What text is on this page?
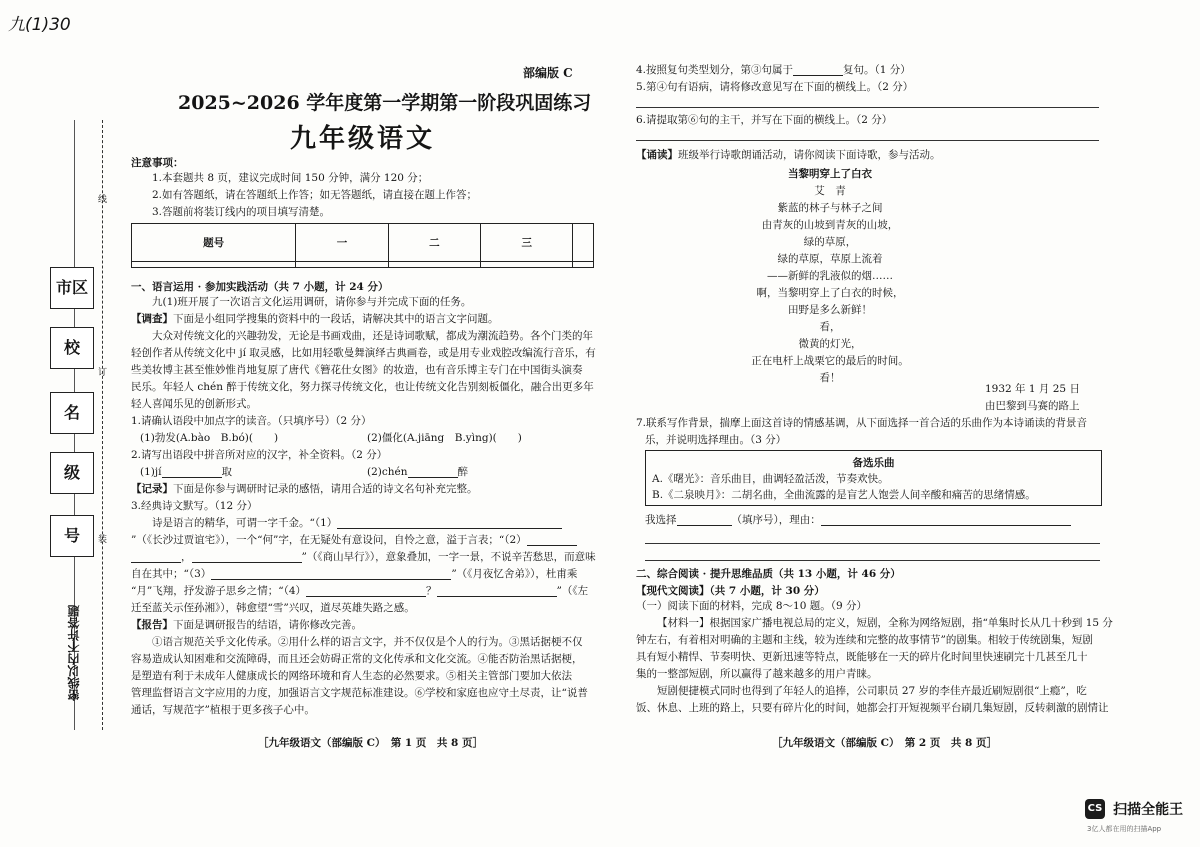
九(1)30
市区
校
名
级
号
线
订
装
密线以内不许答题
部编版 C
2025~2026 学年度第一学期第一阶段巩固练习
九年级语文
注意事项：
1.本套题共 8 页，建议完成时间 150 分钟，满分 120 分；
2.如有答题纸，请在答题纸上作答；如无答题纸，请直接在题上作答；
3.答题前将装订线内的项目填写清楚。
题号	一	二	三	

一、语言运用 · 参加实践活动（共 7 小题，计 24 分）
九(1)班开展了一次语言文化运用调研，请你参与并完成下面的任务。
【调查】下面是小组同学搜集的资料中的一段话，请解决其中的语言文字问题。
大众对传统文化的兴趣勃发，无论是书画戏曲，还是诗词歌赋，都成为潮流趋势。各个门类的年
轻创作者从传统文化中 jí 取灵感，比如用轻歌曼舞演绎古典画卷，或是用专业戏腔改编流行音乐，有
些美妆博主甚至惟妙惟肖地复原了唐代《簪花仕女图》的妆造，也有音乐博主专门在中国街头演奏
民乐。年轻人 chén 醉于传统文化，努力探寻传统文化，也让传统文化告别刻板僵化，融合出更多年
轻人喜闻乐见的创新形式。
1.请确认语段中加点字的读音。（只填序号）（2 分）
(1)勃发(A.bào　B.bó)(　　)	(2)僵化(A.jiāng　B.yìng)(　　)
2.请写出语段中拼音所对应的汉字，补全资料。（2 分）
(1)jí	取	(2)chén	醉
【记录】下面是你参与调研时记录的感悟，请用合适的诗文名句补充完整。
3.经典诗文默写。（12 分）
诗是语言的精华，可谓一字千金。“（1）
”（《长沙过贾谊宅》），一个“何”字，在无疑处有意设问，自怜之意，溢于言表；“（2）
，	”（《商山早行》），意象叠加，一字一景，不说辛苦愁思，而意味
自在其中；“（3）	”（《月夜忆舍弟》），杜甫乘
“月”飞翔，抒发游子思乡之情；“（4）	？	”（《左
迁至蓝关示侄孙湘》），韩愈望“雪”兴叹，道尽英雄失路之感。
【报告】下面是调研报告的结语，请你修改完善。
①语言规范关乎文化传承。②用什么样的语言文字，并不仅仅是个人的行为。③黑话据梗不仅
容易造成认知困难和交流障碍，而且还会妨碍正常的文化传承和文化交流。④能否防治黑话据梗，
是塑造有利于未成年人健康成长的网络环境和育人生态的必然要求。⑤相关主管部门要加大依法
管理监督语言文字应用的力度，加强语言文字规范标准建设。⑥学校和家庭也应守土尽责，让“说普
通话，写规范字”植根于更多孩子心中。
［九年级语文（部编版 C）　第 1 页　共 8 页］
4.按照复句类型划分，第③句属于	复句。（1 分）
5.第④句有语病，请将修改意见写在下面的横线上。（2 分）
6.请提取第⑥句的主干，并写在下面的横线上。（2 分）
【诵读】班级举行诗歌朗诵活动，请你阅读下面诗歌，参与活动。
当黎明穿上了白衣
艾　青
紫蓝的林子与林子之间
由青灰的山坡到青灰的山坡，
绿的草原，
绿的草原，草原上流着
——新鲜的乳液似的烟……
啊，当黎明穿上了白衣的时候，
田野是多么新鲜！
看，
微黄的灯光，
正在电杆上战栗它的最后的时间。
看！
1932 年 1 月 25 日
由巴黎到马赛的路上
7.联系写作背景，揣摩上面这首诗的情感基调，从下面选择一首合适的乐曲作为本诗诵读的背景音
乐，并说明选择理由。（3 分）
备选乐曲
A.《曙光》：音乐曲目，曲调轻盈活泼，节奏欢快。
B.《二泉映月》：二胡名曲，全曲流露的是盲艺人饱尝人间辛酸和痛苦的思绪情感。
我选择	（填序号），理由：
二、综合阅读 · 提升思维品质（共 13 小题，计 46 分）
【现代文阅读】（共 7 小题，计 30 分）
（一）阅读下面的材料，完成 8～10 题。（9 分）
【材料一】根据国家广播电视总局的定义，短剧，全称为网络短剧，指“单集时长从几十秒到 15 分
钟左右，有着相对明确的主题和主线，较为连续和完整的故事情节”的剧集。相较于传统剧集，短剧
具有短小精悍、节奏明快、更新迅速等特点，既能够在一天的碎片化时间里快速刷完十几甚至几十
集的一整部短剧，所以赢得了越来越多的用户青睐。
短剧便捷模式同时也得到了年轻人的追捧，公司职员 27 岁的李佳卉最近刷短剧很“上瘾”，吃
饭、休息、上班的路上，只要有碎片化的时间，她都会打开短视频平台刷几集短剧，反转刺激的剧情让
［九年级语文（部编版 C）　第 2 页　共 8 页］
CS 扫描全能王
3亿人都在用的扫描App
